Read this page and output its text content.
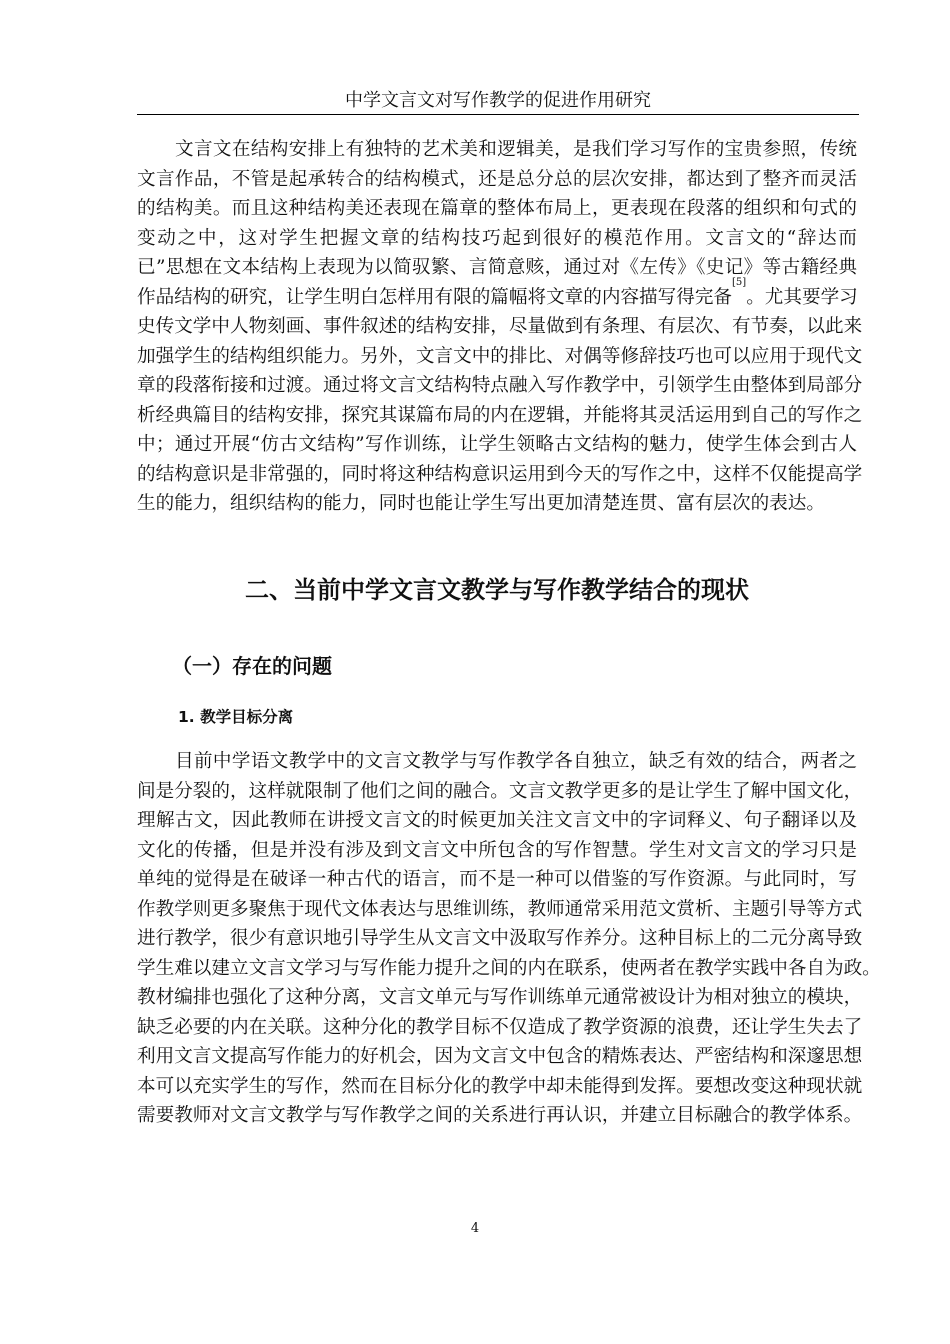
中学文言文对写作教学的促进作用研究
文言文在结构安排上有独特的艺术美和逻辑美，是我们学习写作的宝贵参照，传统
文言作品，不管是起承转合的结构模式，还是总分总的层次安排，都达到了整齐而灵活
的结构美。而且这种结构美还表现在篇章的整体布局上，更表现在段落的组织和句式的
变动之中，这对学生把握文章的结构技巧起到很好的模范作用。文言文的“辞达而
已”思想在文本结构上表现为以简驭繁、言简意赅，通过对《左传》《史记》等古籍经典
作品结构的研究，让学生明白怎样用有限的篇幅将文章的内容描写得完备
[5]
。尤其要学习
史传文学中人物刻画、事件叙述的结构安排，尽量做到有条理、有层次、有节奏，以此来
加强学生的结构组织能力。另外，文言文中的排比、对偶等修辞技巧也可以应用于现代文
章的段落衔接和过渡。通过将文言文结构特点融入写作教学中，引领学生由整体到局部分
析经典篇目的结构安排，探究其谋篇布局的内在逻辑，并能将其灵活运用到自己的写作之
中；通过开展“仿古文结构”写作训练，让学生领略古文结构的魅力，使学生体会到古人
的结构意识是非常强的，同时将这种结构意识运用到今天的写作之中，这样不仅能提高学
生的能力，组织结构的能力，同时也能让学生写出更加清楚连贯、富有层次的表达。
二、当前中学文言文教学与写作教学结合的现状
（一）存在的问题
1. 教学目标分离
目前中学语文教学中的文言文教学与写作教学各自独立，缺乏有效的结合，两者之
间是分裂的，这样就限制了他们之间的融合。文言文教学更多的是让学生了解中国文化，
理解古文，因此教师在讲授文言文的时候更加关注文言文中的字词释义、句子翻译以及
文化的传播，但是并没有涉及到文言文中所包含的写作智慧。学生对文言文的学习只是
单纯的觉得是在破译一种古代的语言，而不是一种可以借鉴的写作资源。与此同时，写
作教学则更多聚焦于现代文体表达与思维训练，教师通常采用范文赏析、主题引导等方式
进行教学，很少有意识地引导学生从文言文中汲取写作养分。这种目标上的二元分离导致
学生难以建立文言文学习与写作能力提升之间的内在联系，使两者在教学实践中各自为政。
教材编排也强化了这种分离，文言文单元与写作训练单元通常被设计为相对独立的模块，
缺乏必要的内在关联。这种分化的教学目标不仅造成了教学资源的浪费，还让学生失去了
利用文言文提高写作能力的好机会，因为文言文中包含的精炼表达、严密结构和深邃思想
本可以充实学生的写作，然而在目标分化的教学中却未能得到发挥。要想改变这种现状就
需要教师对文言文教学与写作教学之间的关系进行再认识，并建立目标融合的教学体系。
4
